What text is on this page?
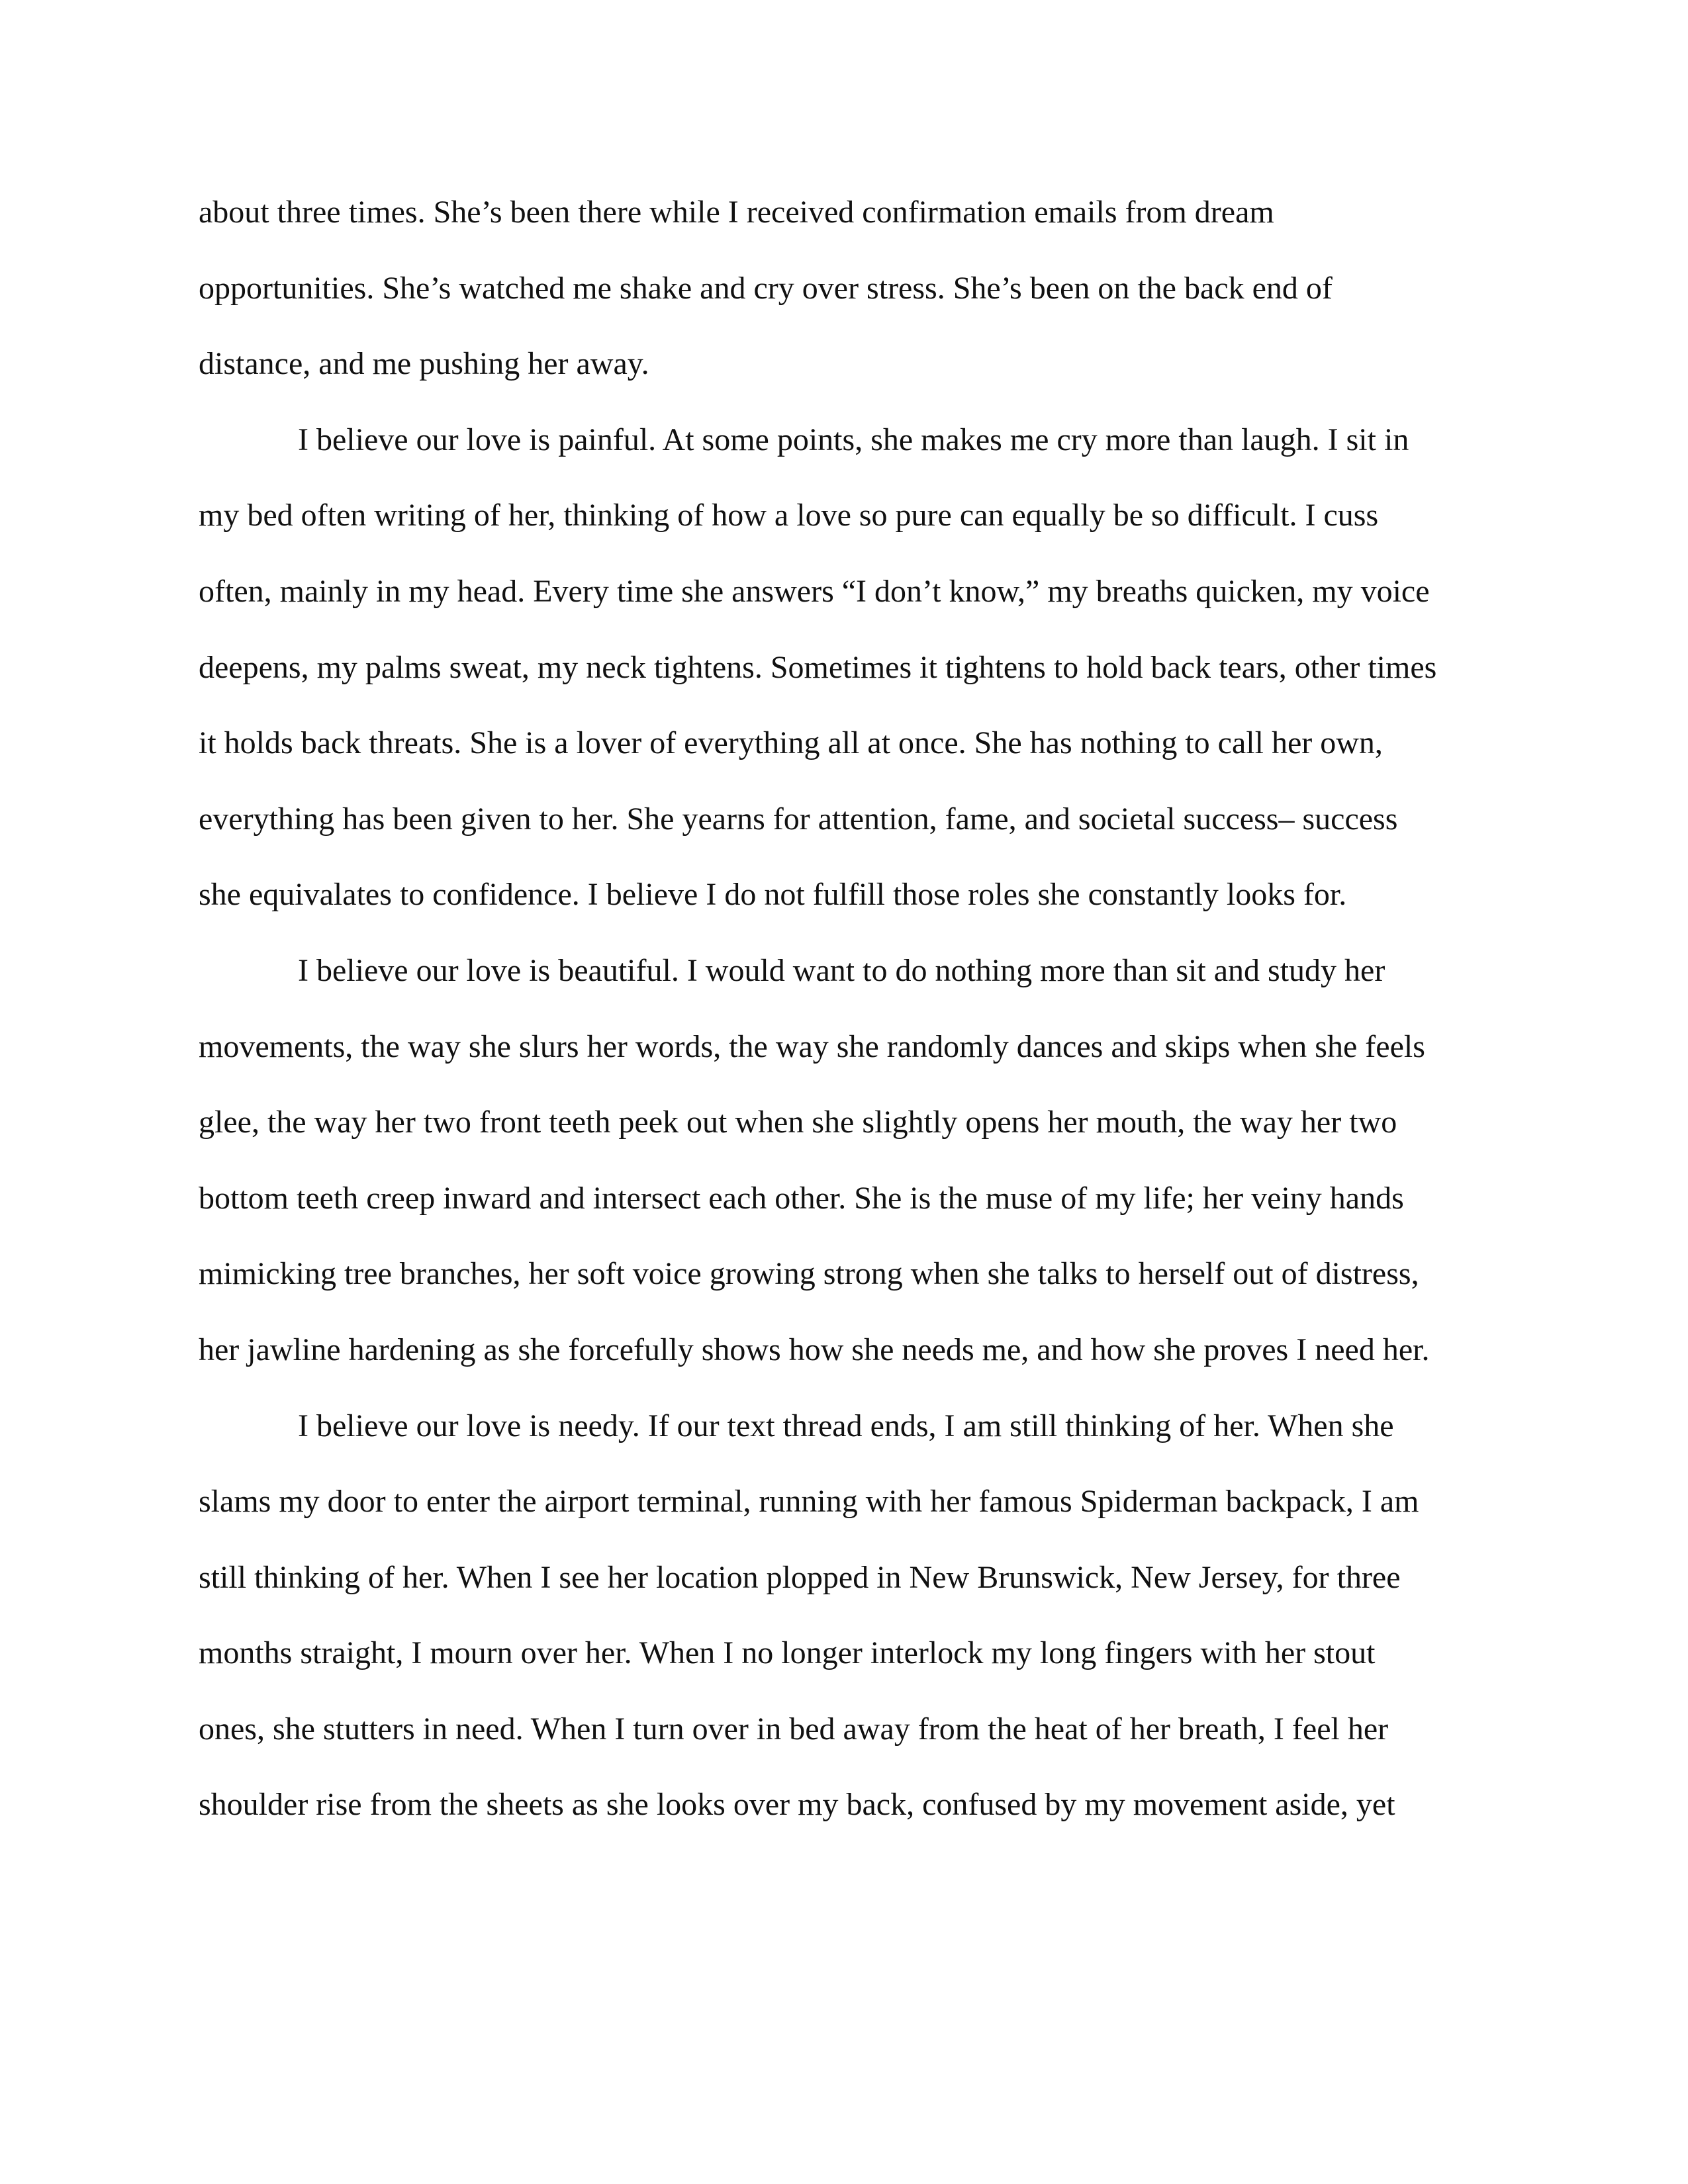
about three times. She’s been there while I received confirmation emails from dream
opportunities. She’s watched me shake and cry over stress. She’s been on the back end of
distance, and me pushing her away.
I believe our love is painful. At some points, she makes me cry more than laugh. I sit in
my bed often writing of her, thinking of how a love so pure can equally be so difficult. I cuss
often, mainly in my head. Every time she answers “I don’t know,” my breaths quicken, my voice
deepens, my palms sweat, my neck tightens. Sometimes it tightens to hold back tears, other times
it holds back threats. She is a lover of everything all at once. She has nothing to call her own,
everything has been given to her. She yearns for attention, fame, and societal success– success
she equivalates to confidence. I believe I do not fulfill those roles she constantly looks for.
I believe our love is beautiful. I would want to do nothing more than sit and study her
movements, the way she slurs her words, the way she randomly dances and skips when she feels
glee, the way her two front teeth peek out when she slightly opens her mouth, the way her two
bottom teeth creep inward and intersect each other. She is the muse of my life; her veiny hands
mimicking tree branches, her soft voice growing strong when she talks to herself out of distress,
her jawline hardening as she forcefully shows how she needs me, and how she proves I need her.
I believe our love is needy. If our text thread ends, I am still thinking of her. When she
slams my door to enter the airport terminal, running with her famous Spiderman backpack, I am
still thinking of her. When I see her location plopped in New Brunswick, New Jersey, for three
months straight, I mourn over her. When I no longer interlock my long fingers with her stout
ones, she stutters in need. When I turn over in bed away from the heat of her breath, I feel her
shoulder rise from the sheets as she looks over my back, confused by my movement aside, yet
